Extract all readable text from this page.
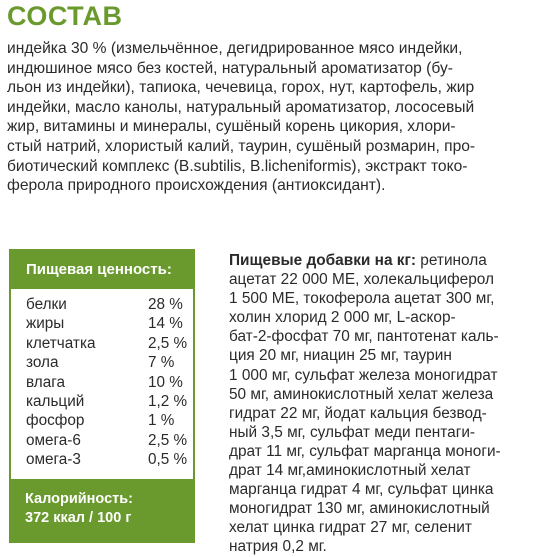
СОСТАВ
индейка 30 % (измельчённое, дегидрированное мясо индейки,
индюшиное мясо без костей, натуральный ароматизатор (бу-
льон из индейки), тапиока, чечевица, горох, нут, картофель, жир
индейки, масло канолы, натуральный ароматизатор, лососевый
жир, витамины и минералы, сушёный корень цикория, хлори-
стый натрий, хлористый калий, таурин, сушёный розмарин, про-
биотический комплекс (B.subtilis, B.licheniformis), экстракт токо-
ферола природного происхождения (антиоксидант).
Пищевая ценность:
белки	28 %
жиры	14 %
клетчатка	2,5 %
зола	7 %
влага	10 %
кальций	1,2 %
фосфор	1 %
омега-6	2,5 %
омега-3	0,5 %
Калорийность:
372 ккал / 100 г
Пищевые добавки на кг: ретинола
ацетат 22 000 МЕ, холекальциферол
1 500 МЕ, токоферола ацетат 300 мг,
холин хлорид 2 000 мг, L-аскор-
бат-2-фосфат 70 мг, пантотенат каль-
ция 20 мг, ниацин 25 мг, таурин
1 000 мг, сульфат железа моногидрат
50 мг, аминокислотный хелат железа
гидрат 22 мг, йодат кальция безвод-
ный 3,5 мг, сульфат меди пентаги-
драт 11 мг, сульфат марганца моноги-
драт 14 мг,аминокислотный хелат
марганца гидрат 4 мг, сульфат цинка
моногидрат 130 мг, аминокислотный
хелат цинка гидрат 27 мг, селенит
натрия 0,2 мг.
